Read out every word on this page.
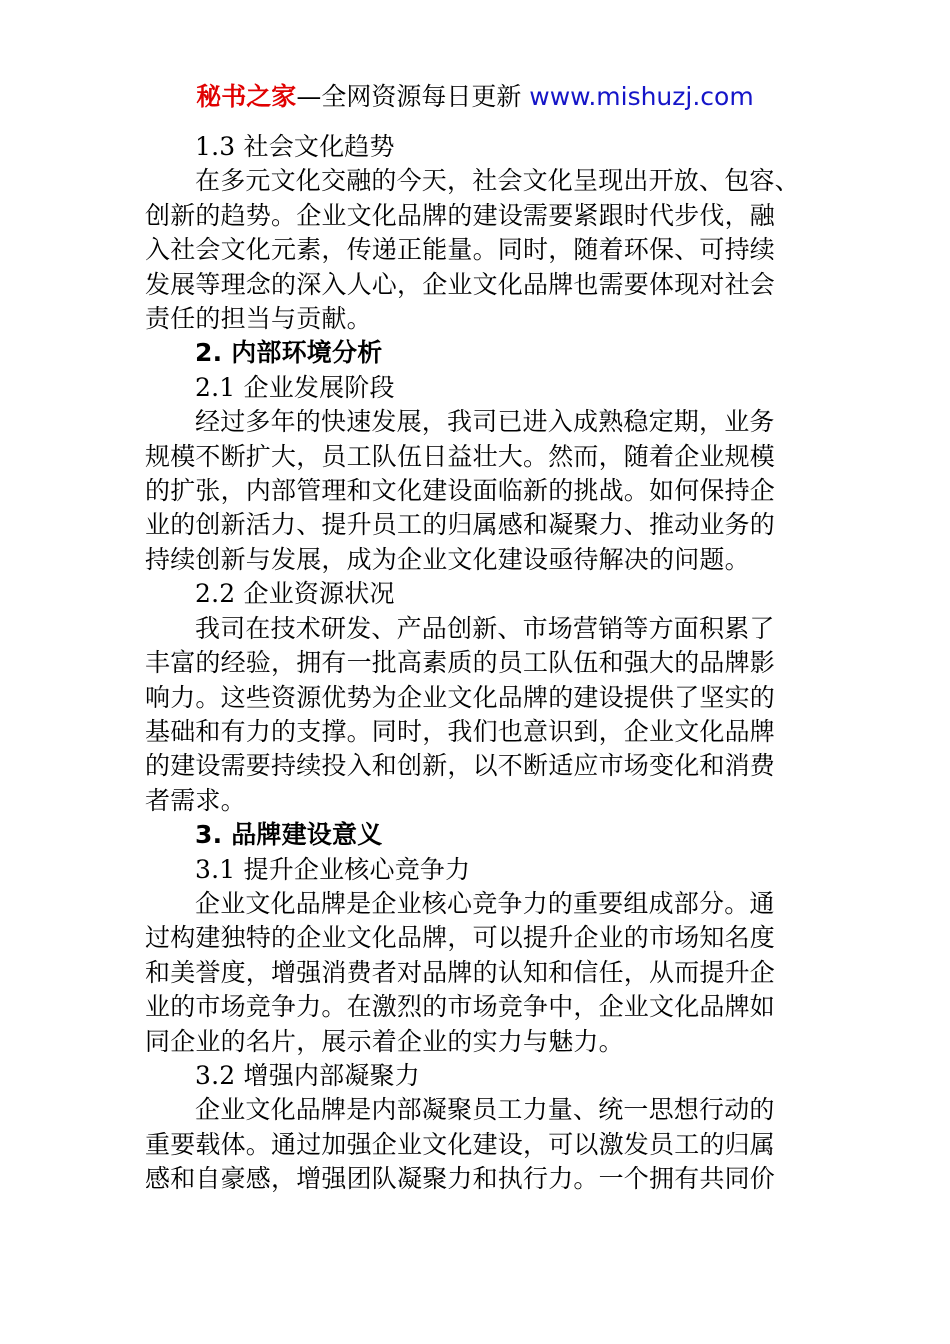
秘书之家—全网资源每日更新 www.mishuzj.com
1.3 社会文化趋势
在多元文化交融的今天，社会文化呈现出开放、包容、
创新的趋势。企业文化品牌的建设需要紧跟时代步伐，融
入社会文化元素，传递正能量。同时，随着环保、可持续
发展等理念的深入人心，企业文化品牌也需要体现对社会
责任的担当与贡献。
2. 内部环境分析
2.1 企业发展阶段
经过多年的快速发展，我司已进入成熟稳定期，业务
规模不断扩大，员工队伍日益壮大。然而，随着企业规模
的扩张，内部管理和文化建设面临新的挑战。如何保持企
业的创新活力、提升员工的归属感和凝聚力、推动业务的
持续创新与发展，成为企业文化建设亟待解决的问题。
2.2 企业资源状况
我司在技术研发、产品创新、市场营销等方面积累了
丰富的经验，拥有一批高素质的员工队伍和强大的品牌影
响力。这些资源优势为企业文化品牌的建设提供了坚实的
基础和有力的支撑。同时，我们也意识到，企业文化品牌
的建设需要持续投入和创新，以不断适应市场变化和消费
者需求。
3. 品牌建设意义
3.1 提升企业核心竞争力
企业文化品牌是企业核心竞争力的重要组成部分。通
过构建独特的企业文化品牌，可以提升企业的市场知名度
和美誉度，增强消费者对品牌的认知和信任，从而提升企
业的市场竞争力。在激烈的市场竞争中，企业文化品牌如
同企业的名片，展示着企业的实力与魅力。
3.2 增强内部凝聚力
企业文化品牌是内部凝聚员工力量、统一思想行动的
重要载体。通过加强企业文化建设，可以激发员工的归属
感和自豪感，增强团队凝聚力和执行力。一个拥有共同价
